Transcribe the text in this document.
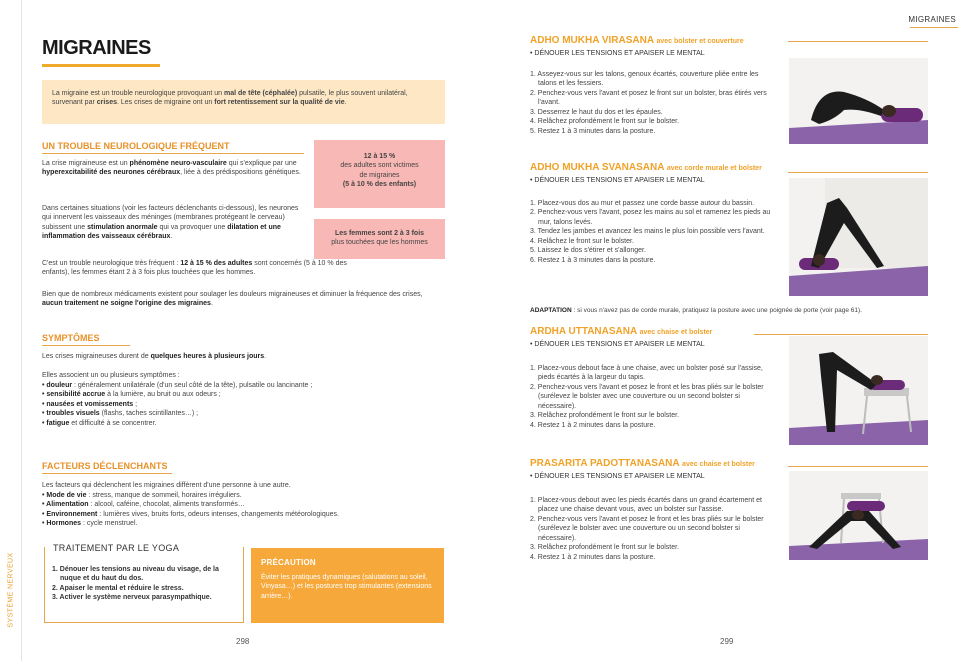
SYSTÈME NERVEUX
MIGRAINES
La migraine est un trouble neurologique provoquant un mal de tête (céphalée) pulsatile, le plus souvent unilatéral, survenant par crises. Les crises de migraine ont un fort retentissement sur la qualité de vie.
UN TROUBLE NEUROLOGIQUE FRÉQUENT
La crise migraineuse est un phénomène neuro-vasculaire qui s'explique par une hyperexcitabilité des neurones cérébraux, liée à des prédispositions génétiques.
Dans certaines situations (voir les facteurs déclenchants ci-dessous), les neurones qui innervent les vaisseaux des méninges (membranes protégeant le cerveau) subissent une stimulation anormale qui va provoquer une dilatation et une inflammation des vaisseaux cérébraux.
C'est un trouble neurologique très fréquent : 12 à 15 % des adultes sont concernés (5 à 10 % des enfants), les femmes étant 2 à 3 fois plus touchées que les hommes.
Bien que de nombreux médicaments existent pour soulager les douleurs migraineuses et diminuer la fréquence des crises, aucun traitement ne soigne l'origine des migraines.
12 à 15 %
des adultes sont victimes
de migraines
(5 à 10 % des enfants)
Les femmes sont 2 à 3 fois
plus touchées que les hommes
SYMPTÔMES
Les crises migraineuses durent de quelques heures à plusieurs jours.
Elles associent un ou plusieurs symptômes :
• douleur : généralement unilatérale (d'un seul côté de la tête), pulsatile ou lancinante ;
• sensibilité accrue à la lumière, au bruit ou aux odeurs ;
• nausées et vomissements ;
• troubles visuels (flashs, taches scintillantes…) ;
• fatigue et difficulté à se concentrer.
FACTEURS DÉCLENCHANTS
Les facteurs qui déclenchent les migraines diffèrent d'une personne à une autre.
• Mode de vie : stress, manque de sommeil, horaires irréguliers.
• Alimentation : alcool, caféine, chocolat, aliments transformés…
• Environnement : lumières vives, bruits forts, odeurs intenses, changements météorologiques.
• Hormones : cycle menstruel.
TRAITEMENT PAR LE YOGA
1. Dénouer les tensions au niveau du visage, de la nuque et du haut du dos.
2. Apaiser le mental et réduire le stress.
3. Activer le système nerveux parasympathique.
PRÉCAUTION
Éviter les pratiques dynamiques (salutations au soleil, Vinyasa…) et les postures trop stimulantes (extensions arrière…).
298
MIGRAINES
ADHO MUKHA VIRASANA avec bolster et couverture
• DÉNOUER LES TENSIONS ET APAISER LE MENTAL
1. Asseyez-vous sur les talons, genoux écartés, couverture pliée entre les talons et les fessiers.
2. Penchez-vous vers l'avant et posez le front sur un bolster, bras étirés vers l'avant.
3. Desserrez le haut du dos et les épaules.
4. Relâchez profondément le front sur le bolster.
5. Restez 1 à 3 minutes dans la posture.
ADHO MUKHA SVANASANA avec corde murale et bolster
• DÉNOUER LES TENSIONS ET APAISER LE MENTAL
1. Placez-vous dos au mur et passez une corde basse autour du bassin.
2. Penchez-vous vers l'avant, posez les mains au sol et ramenez les pieds au mur, talons levés.
3. Tendez les jambes et avancez les mains le plus loin possible vers l'avant.
4. Relâchez le front sur le bolster.
5. Laissez le dos s'étirer et s'allonger.
6. Restez 1 à 3 minutes dans la posture.
ADAPTATION : si vous n'avez pas de corde murale, pratiquez la posture avec une poignée de porte (voir page 61).
ARDHA UTTANASANA avec chaise et bolster
• DÉNOUER LES TENSIONS ET APAISER LE MENTAL
1. Placez-vous debout face à une chaise, avec un bolster posé sur l'assise, pieds écartés à la largeur du tapis.
2. Penchez-vous vers l'avant et posez le front et les bras pliés sur le bolster (surélevez le bolster avec une couverture ou un second bolster si nécessaire).
3. Relâchez profondément le front sur le bolster.
4. Restez 1 à 2 minutes dans la posture.
PRASARITA PADOTTANASANA avec chaise et bolster
• DÉNOUER LES TENSIONS ET APAISER LE MENTAL
1. Placez-vous debout avec les pieds écartés dans un grand écartement et placez une chaise devant vous, avec un bolster sur l'assise.
2. Penchez-vous vers l'avant et posez le front et les bras pliés sur le bolster (surélevez le bolster avec une couverture ou un second bolster si nécessaire).
3. Relâchez profondément le front sur le bolster.
4. Restez 1 à 2 minutes dans la posture.
299
